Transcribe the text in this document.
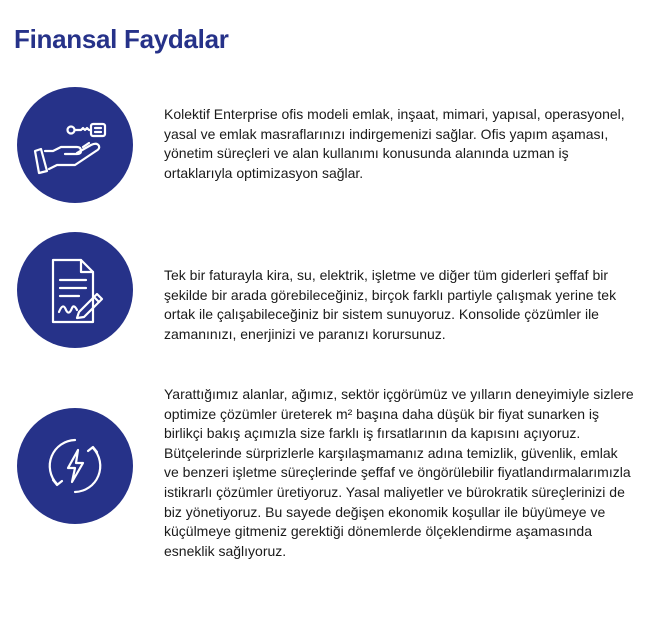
Finansal Faydalar

Kolektif Enterprise ofis modeli emlak, inşaat, mimari, yapısal, operasyonel, yasal ve emlak masraflarınızı indirgemenizi sağlar. Ofis yapım aşaması, yönetim süreçleri ve alan kullanımı konusunda alanında uzman iş ortaklarıyla optimizasyon sağlar.

Tek bir faturayla kira, su, elektrik, işletme ve diğer tüm giderleri şeffaf bir şekilde bir arada görebileceğiniz, birçok farklı partiyle çalışmak yerine tek ortak ile çalışabileceğiniz bir sistem sunuyoruz. Konsolide çözümler ile zamanınızı, enerjinizi ve paranızı korursunuz.

Yarattığımız alanlar, ağımız, sektör içgörümüz ve yılların deneyimiyle sizlere optimize çözümler üreterek m² başına daha düşük bir fiyat sunarken iş birlikçi bakış açımızla size farklı iş fırsatlarının da kapısını açıyoruz. Bütçelerinde sürprizlerle karşılaşmamanız adına temizlik, güvenlik, emlak ve benzeri işletme süreçlerinde şeffaf ve öngörülebilir fiyatlandırmalarımızla istikrarlı çözümler üretiyoruz. Yasal maliyetler ve bürokratik süreçlerinizi de biz yönetiyoruz. Bu sayede değişen ekonomik koşullar ile büyümeye ve küçülmeye gitmeniz gerektiği dönemlerde ölçeklendirme aşamasında esneklik sağlıyoruz.
